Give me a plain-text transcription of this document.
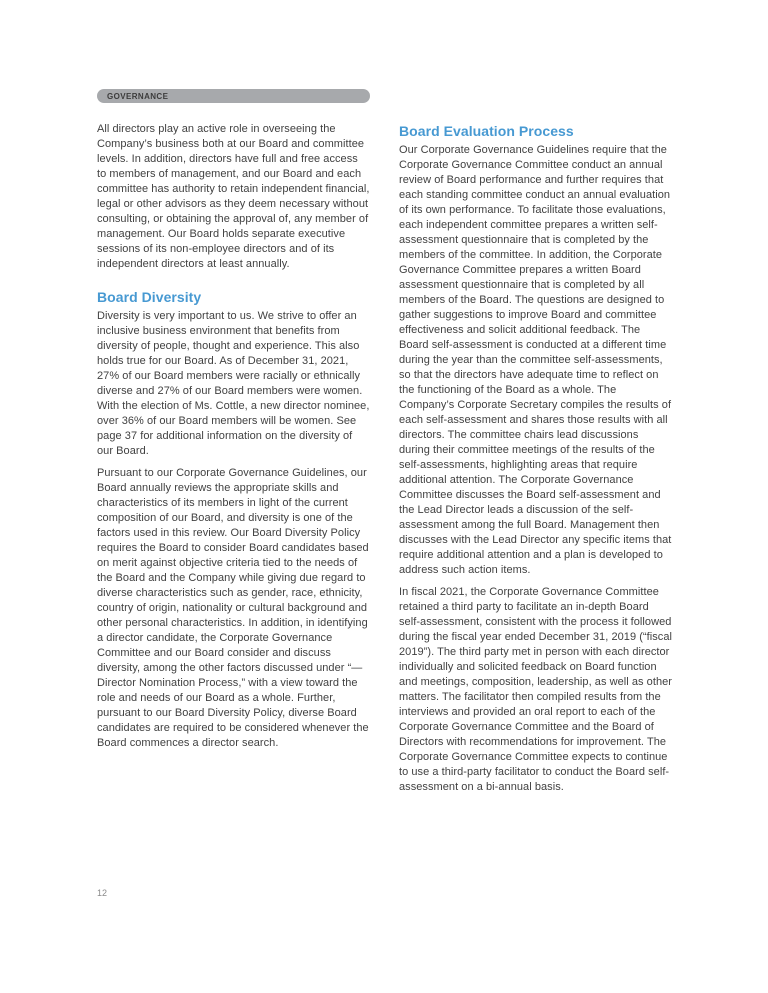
GOVERNANCE

All directors play an active role in overseeing the Company’s business both at our Board and committee levels. In addition, directors have full and free access to members of management, and our Board and each committee has authority to retain independent financial, legal or other advisors as they deem necessary without consulting, or obtaining the approval of, any member of management. Our Board holds separate executive sessions of its non-employee directors and of its independent directors at least annually.

Board Diversity

Diversity is very important to us. We strive to offer an inclusive business environment that benefits from diversity of people, thought and experience. This also holds true for our Board. As of December 31, 2021, 27% of our Board members were racially or ethnically diverse and 27% of our Board members were women. With the election of Ms. Cottle, a new director nominee, over 36% of our Board members will be women. See page 37 for additional information on the diversity of our Board.

Pursuant to our Corporate Governance Guidelines, our Board annually reviews the appropriate skills and characteristics of its members in light of the current composition of our Board, and diversity is one of the factors used in this review. Our Board Diversity Policy requires the Board to consider Board candidates based on merit against objective criteria tied to the needs of the Board and the Company while giving due regard to diverse characteristics such as gender, race, ethnicity, country of origin, nationality or cultural background and other personal characteristics. In addition, in identifying a director candidate, the Corporate Governance Committee and our Board consider and discuss diversity, among the other factors discussed under “— Director Nomination Process,” with a view toward the role and needs of our Board as a whole. Further, pursuant to our Board Diversity Policy, diverse Board candidates are required to be considered whenever the Board commences a director search.

Board Evaluation Process

Our Corporate Governance Guidelines require that the Corporate Governance Committee conduct an annual review of Board performance and further requires that each standing committee conduct an annual evaluation of its own performance. To facilitate those evaluations, each independent committee prepares a written self-assessment questionnaire that is completed by the members of the committee. In addition, the Corporate Governance Committee prepares a written Board assessment questionnaire that is completed by all members of the Board. The questions are designed to gather suggestions to improve Board and committee effectiveness and solicit additional feedback. The Board self-assessment is conducted at a different time during the year than the committee self-assessments, so that the directors have adequate time to reflect on the functioning of the Board as a whole. The Company’s Corporate Secretary compiles the results of each self-assessment and shares those results with all directors. The committee chairs lead discussions during their committee meetings of the results of the self-assessments, highlighting areas that require additional attention. The Corporate Governance Committee discusses the Board self-assessment and the Lead Director leads a discussion of the self-assessment among the full Board. Management then discusses with the Lead Director any specific items that require additional attention and a plan is developed to address such action items.

In fiscal 2021, the Corporate Governance Committee retained a third party to facilitate an in-depth Board self-assessment, consistent with the process it followed during the fiscal year ended December 31, 2019 (“fiscal 2019”). The third party met in person with each director individually and solicited feedback on Board function and meetings, composition, leadership, as well as other matters. The facilitator then compiled results from the interviews and provided an oral report to each of the Corporate Governance Committee and the Board of Directors with recommendations for improvement. The Corporate Governance Committee expects to continue to use a third-party facilitator to conduct the Board self-assessment on a bi-annual basis.

12
